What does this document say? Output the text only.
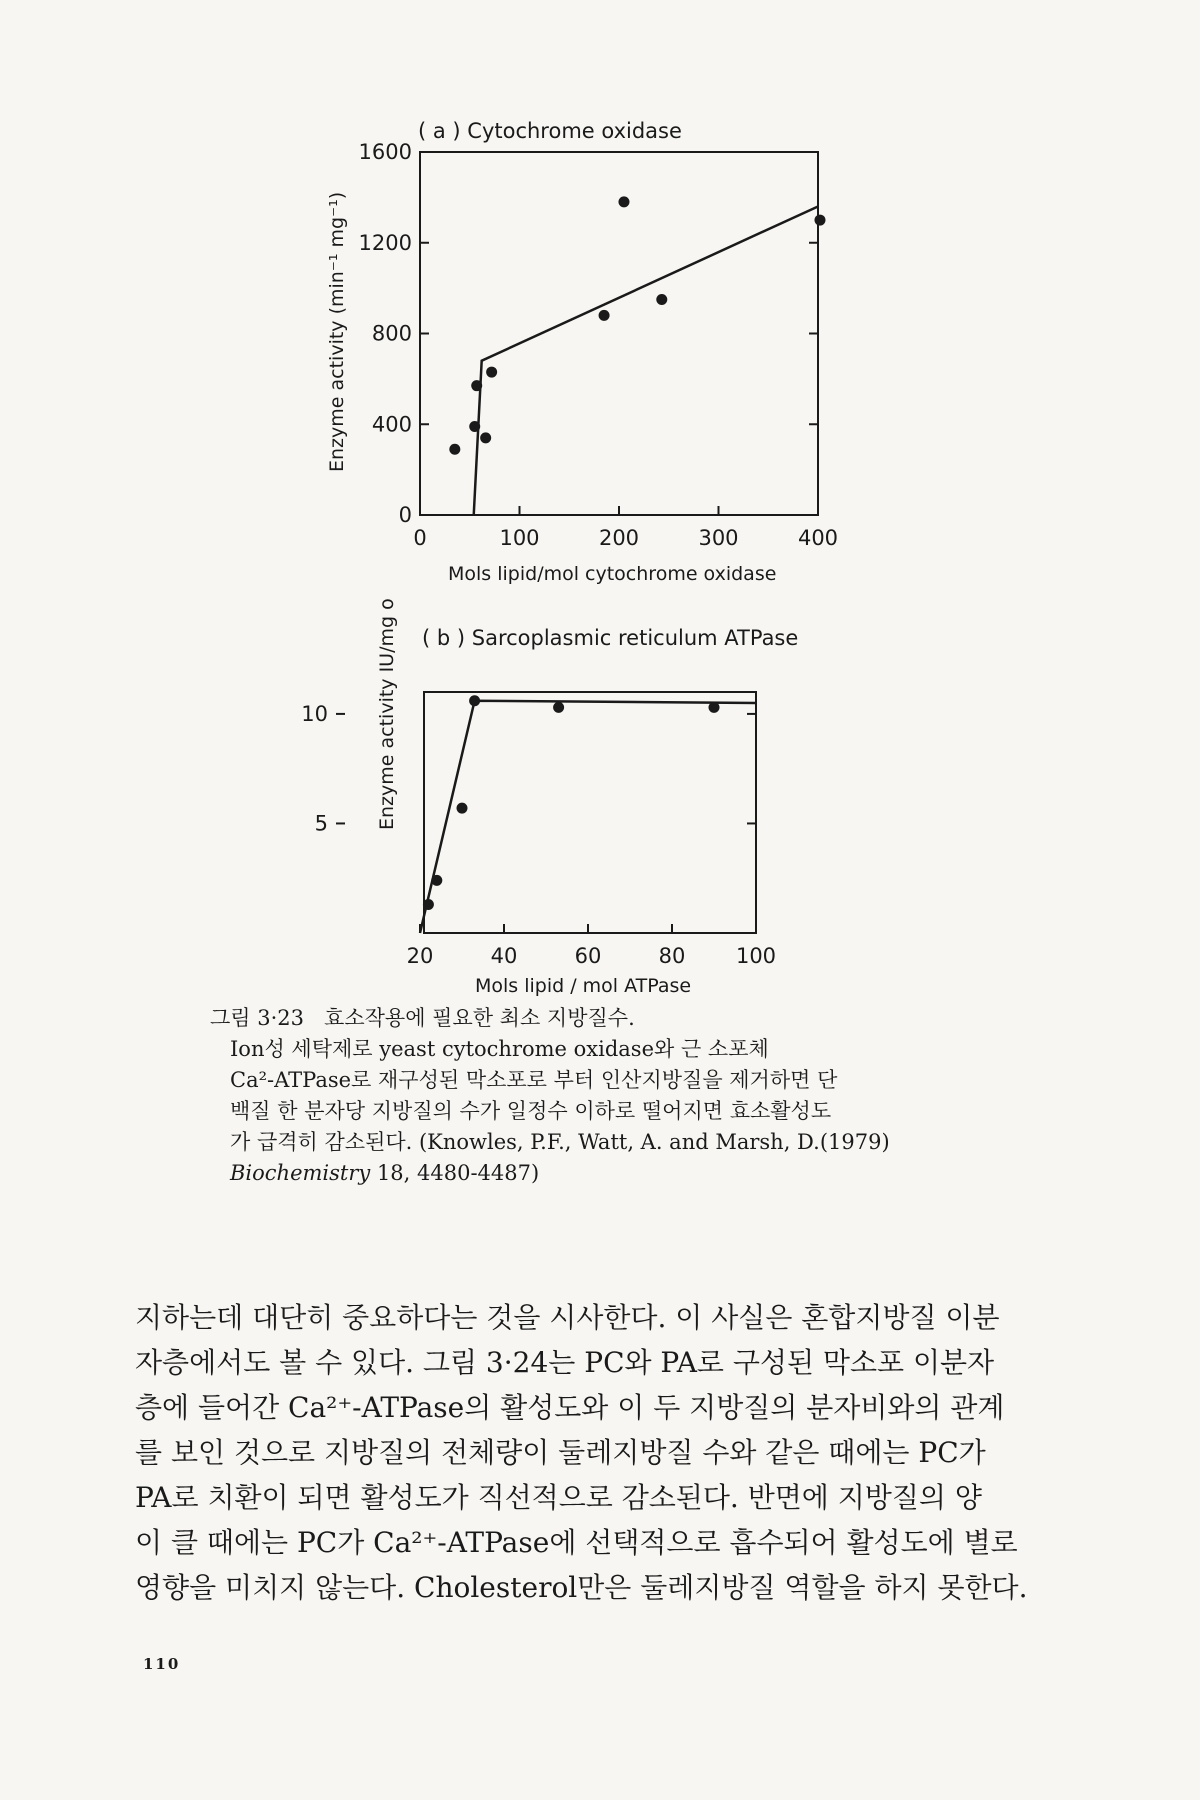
( a ) Cytochrome oxidase
0	100	200	300	400
0
400
800
1200
1600
Mols lipid/mol cytochrome oxidase
Enzyme activity (min⁻¹ mg⁻¹)
( b ) Sarcoplasmic reticulum ATPase
20	40	60	80 100
5
10
Mols lipid / mol ATPase
Enzyme activity IU/mg o
그림 3·23 효소작용에 필요한 최소 지방질수.
Ion성 세탁제로 yeast cytochrome oxidase와 근 소포체
Ca²-ATPase로 재구성된 막소포로 부터 인산지방질을 제거하면 단
백질 한 분자당 지방질의 수가 일정수 이하로 떨어지면 효소활성도
가 급격히 감소된다. (Knowles, P.F., Watt, A. and Marsh, D.(1979)
Biochemistry 18, 4480-4487)
지하는데 대단히 중요하다는 것을 시사한다. 이 사실은 혼합지방질 이분
자층에서도 볼 수 있다. 그림 3·24는 PC와 PA로 구성된 막소포 이분자
층에 들어간 Ca²⁺-ATPase의 활성도와 이 두 지방질의 분자비와의 관계
를 보인 것으로 지방질의 전체량이 둘레지방질 수와 같은 때에는 PC가
PA로 치환이 되면 활성도가 직선적으로 감소된다. 반면에 지방질의 양
이 클 때에는 PC가 Ca²⁺-ATPase에 선택적으로 흡수되어 활성도에 별로
영향을 미치지 않는다. Cholesterol만은 둘레지방질 역할을 하지 못한다.
110
